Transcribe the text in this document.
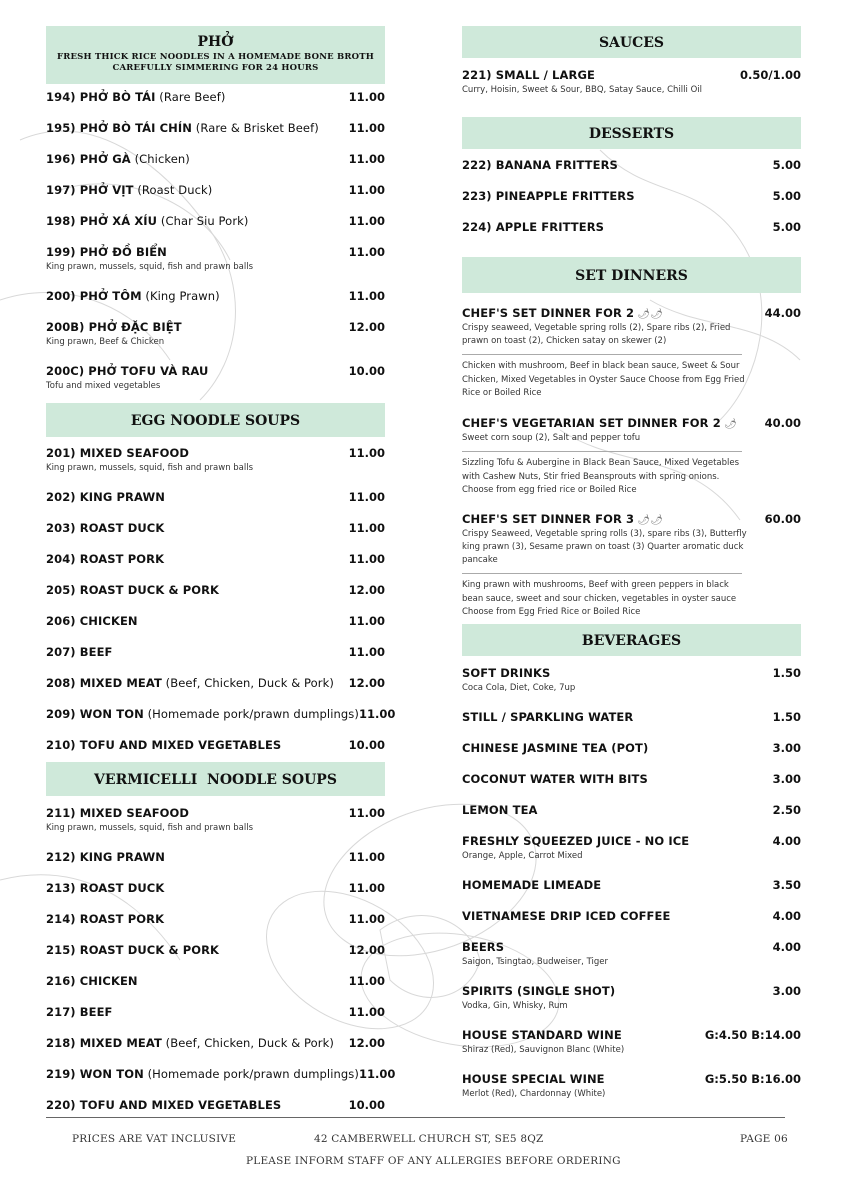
PHỞ
FRESH THICK RICE NOODLES IN A HOMEMADE BONE BROTH
CAREFULLY SIMMERING FOR 24 HOURS
194) PHỞ BÒ TÁI (Rare Beef)	11.00
195) PHỞ BÒ TÁI CHÍN (Rare & Brisket Beef)	11.00
196) PHỞ GÀ (Chicken)	11.00
197) PHỞ VỊT (Roast Duck)	11.00
198) PHỞ XÁ XÍU (Char Siu Pork)	11.00
199) PHỞ ĐỒ BIỂN	11.00
King prawn, mussels, squid, fish and prawn balls
200) PHỞ TÔM (King Prawn)	11.00
200B) PHỞ ĐẶC BIỆT	12.00
King prawn, Beef & Chicken
200C) PHỞ TOFU VÀ RAU	10.00
Tofu and mixed vegetables
EGG NOODLE SOUPS
201) MIXED SEAFOOD	11.00
King prawn, mussels, squid, fish and prawn balls
202) KING PRAWN	11.00
203) ROAST DUCK	11.00
204) ROAST PORK	11.00
205) ROAST DUCK & PORK	12.00
206) CHICKEN	11.00
207) BEEF	11.00
208) MIXED MEAT (Beef, Chicken, Duck & Pork) 12.00
209) WON TON (Homemade pork/prawn dumplings) 11.00
210) TOFU AND MIXED VEGETABLES	10.00
VERMICELLI  NOODLE SOUPS
211) MIXED SEAFOOD	11.00
King prawn, mussels, squid, fish and prawn balls
212) KING PRAWN	11.00
213) ROAST DUCK	11.00
214) ROAST PORK	11.00
215) ROAST DUCK & PORK	12.00
216) CHICKEN	11.00
217) BEEF	11.00
218) MIXED MEAT (Beef, Chicken, Duck & Pork) 12.00
219) WON TON (Homemade pork/prawn dumplings) 11.00
220) TOFU AND MIXED VEGETABLES	10.00
SAUCES
221) SMALL / LARGE	0.50/1.00
Curry, Hoisin, Sweet & Sour, BBQ, Satay Sauce, Chilli Oil
DESSERTS
222) BANANA FRITTERS	5.00
223) PINEAPPLE FRITTERS	5.00
224) APPLE FRITTERS	5.00
SET DINNERS
CHEF'S SET DINNER FOR 2 🌶🌶	44.00
Crispy seaweed, Vegetable spring rolls (2), Spare ribs (2), Fried prawn on toast (2), Chicken satay on skewer (2)
Chicken with mushroom, Beef in black bean sauce, Sweet & Sour Chicken, Mixed Vegetables in Oyster Sauce Choose from Egg Fried Rice or Boiled Rice
CHEF'S VEGETARIAN SET DINNER FOR 2 🌶 40.00
Sweet corn soup (2), Salt and pepper tofu
Sizzling Tofu & Aubergine in Black Bean Sauce, Mixed Vegetables with Cashew Nuts, Stir fried Beansprouts with spring onions. Choose from egg fried rice or Boiled Rice
CHEF'S SET DINNER FOR 3 🌶🌶	60.00
Crispy Seaweed, Vegetable spring rolls (3), spare ribs (3), Butterfly king prawn (3), Sesame prawn on toast (3) Quarter aromatic duck pancake
King prawn with mushrooms, Beef with green peppers in black bean sauce, sweet and sour chicken, vegetables in oyster sauce Choose from Egg Fried Rice or Boiled Rice
BEVERAGES
SOFT DRINKS	1.50
Coca Cola, Diet, Coke, 7up
STILL / SPARKLING WATER	1.50
CHINESE JASMINE TEA (POT)	3.00
COCONUT WATER WITH BITS	3.00
LEMON TEA	2.50
FRESHLY SQUEEZED JUICE - NO ICE	4.00
Orange, Apple, Carrot Mixed
HOMEMADE LIMEADE	3.50
VIETNAMESE DRIP ICED COFFEE	4.00
BEERS	4.00
Saigon, Tsingtao, Budweiser, Tiger
SPIRITS (SINGLE SHOT)	3.00
Vodka, Gin, Whisky, Rum
HOUSE STANDARD WINE	G:4.50 B:14.00
Shiraz (Red), Sauvignon Blanc (White)
HOUSE SPECIAL WINE	G:5.50 B:16.00
Merlot (Red), Chardonnay (White)
PRICES ARE VAT INCLUSIVE	42 CAMBERWELL CHURCH ST, SE5 8QZ	PAGE 06
PLEASE INFORM STAFF OF ANY ALLERGIES BEFORE ORDERING
